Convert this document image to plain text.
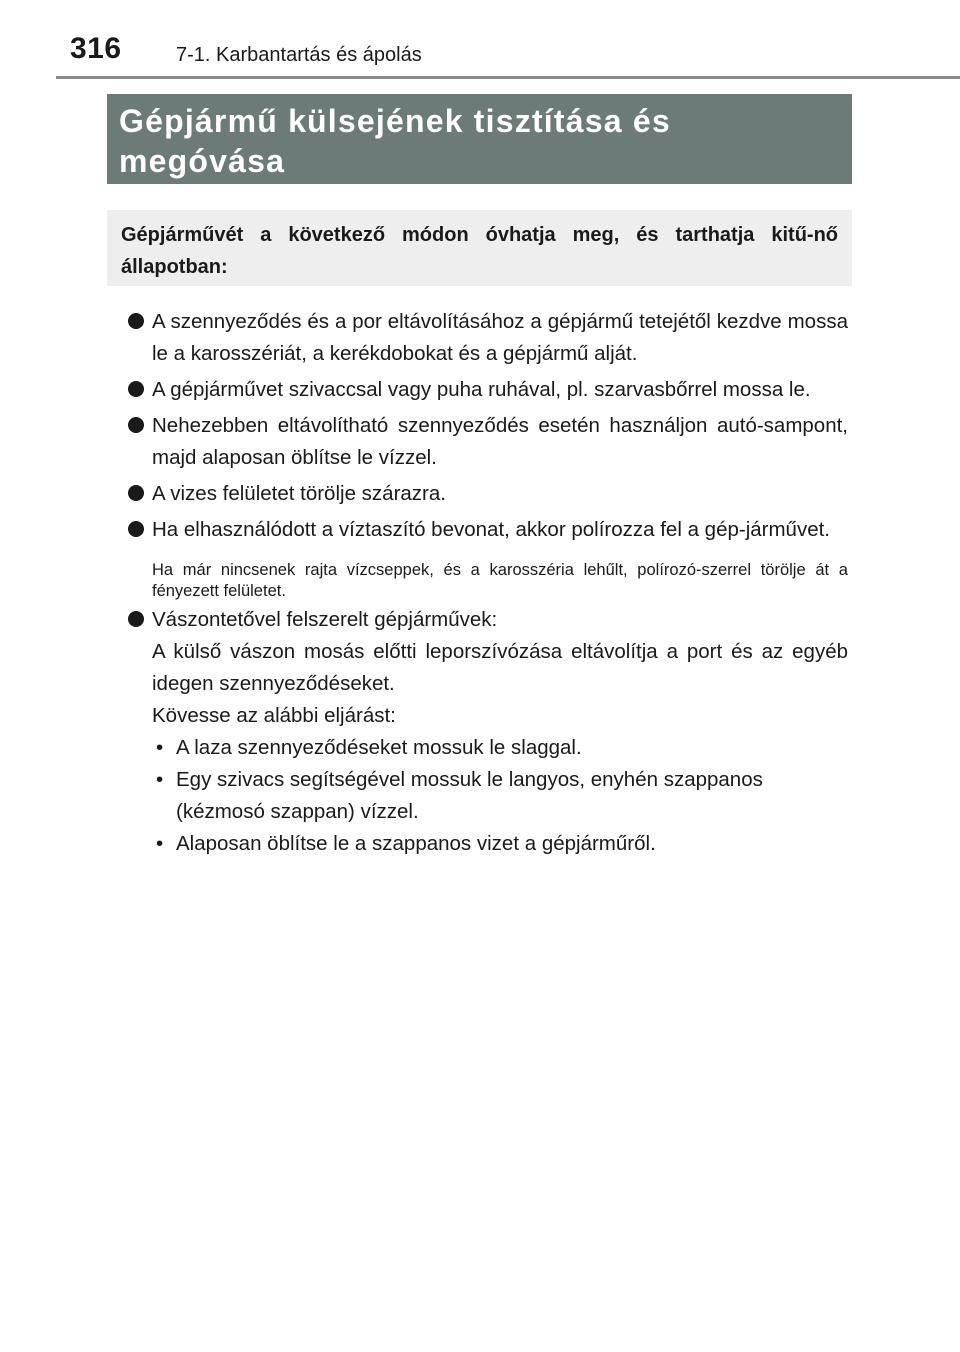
316	7-1. Karbantartás és ápolás
Gépjármű külsejének tisztítása és megóvása
Gépjárművét a következő módon óvhatja meg, és tarthatja kitű-nő állapotban:
A szennyeződés és a por eltávolításához a gépjármű tetejétől kezdve mossa le a karosszériát, a kerékdobokat és a gépjármű alját.
A gépjárművet szivaccsal vagy puha ruhával, pl. szarvasbőrrel mossa le.
Nehezebben eltávolítható szennyeződés esetén használjon autó-sampont, majd alaposan öblítse le vízzel.
A vizes felületet törölje szárazra.
Ha elhasználódott a víztaszító bevonat, akkor polírozza fel a gép-járművet.
Ha már nincsenek rajta vízcseppek, és a karosszéria lehűlt, polírozó-szerrel törölje át a fényezett felületet.
Vászontetővel felszerelt gépjárművek:
A külső vászon mosás előtti leporszívózása eltávolítja a port és az egyéb idegen szennyeződéseket.
Kövesse az alábbi eljárást:
• A laza szennyeződéseket mossuk le slaggal.
• Egy szivacs segítségével mossuk le langyos, enyhén szappanos (kézmosó szappan) vízzel.
• Alaposan öblítse le a szappanos vizet a gépjárműről.
